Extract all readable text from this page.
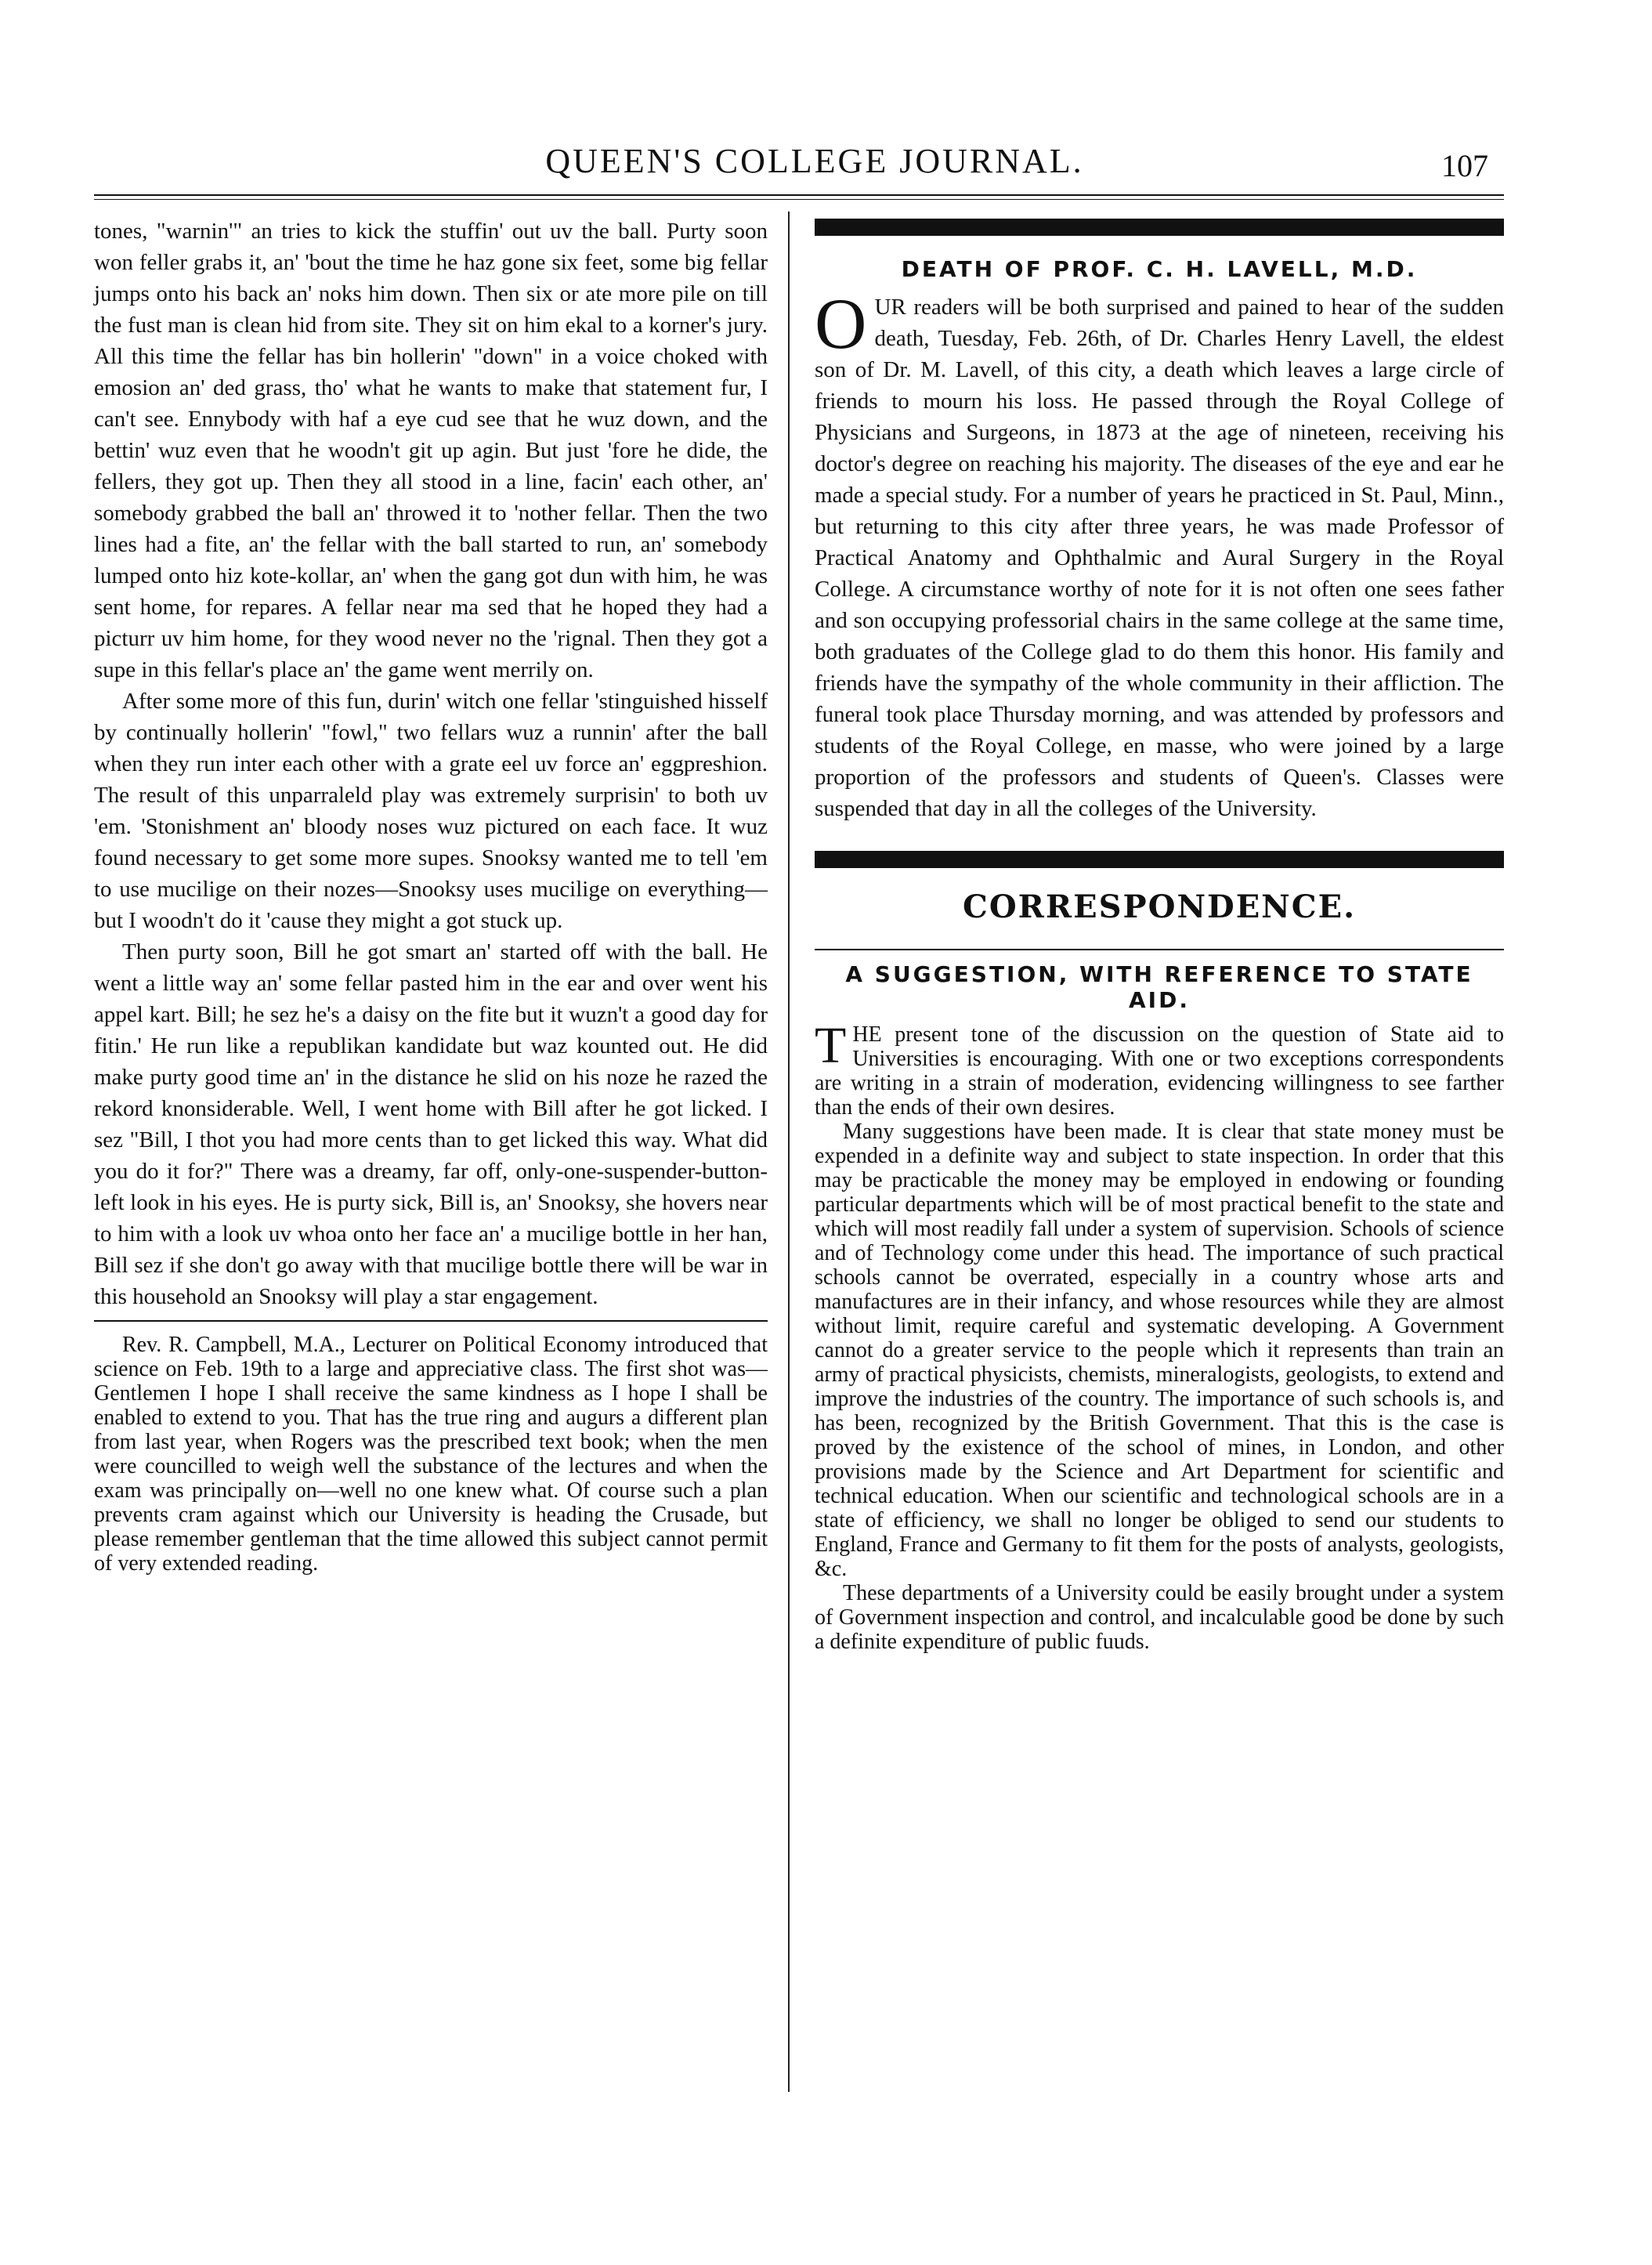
QUEEN'S COLLEGE JOURNAL.	107

tones, "warnin'" an tries to kick the stuffin' out uv the ball. Purty soon won feller grabs it, an' 'bout the time he haz gone six feet, some big fellar jumps onto his back an' noks him down. Then six or ate more pile on till the fust man is clean hid from site. They sit on him ekal to a korner's jury. All this time the fellar has bin hollerin' "down" in a voice choked with emosion an' ded grass, tho' what he wants to make that statement fur, I can't see. Ennybody with haf a eye cud see that he wuz down, and the bettin' wuz even that he woodn't git up agin. But just 'fore he dide, the fellers, they got up. Then they all stood in a line, facin' each other, an' somebody grabbed the ball an' throwed it to 'nother fellar. Then the two lines had a fite, an' the fellar with the ball started to run, an' somebody lumped onto hiz kote-kollar, an' when the gang got dun with him, he was sent home, for repares. A fellar near ma sed that he hoped they had a picturr uv him home, for they wood never no the 'rignal. Then they got a supe in this fellar's place an' the game went merrily on.

After some more of this fun, durin' witch one fellar 'stinguished hisself by continually hollerin' "fowl," two fellars wuz a runnin' after the ball when they run inter each other with a grate eel uv force an' eggpreshion. The result of this unparraleld play was extremely surprisin' to both uv 'em. 'Stonishment an' bloody noses wuz pictured on each face. It wuz found necessary to get some more supes. Snooksy wanted me to tell 'em to use mucilige on their nozes—Snooksy uses mucilige on everything—but I woodn't do it 'cause they might a got stuck up.

Then purty soon, Bill he got smart an' started off with the ball. He went a little way an' some fellar pasted him in the ear and over went his appel kart. Bill; he sez he's a daisy on the fite but it wuzn't a good day for fitin.' He run like a republikan kandidate but waz kounted out. He did make purty good time an' in the distance he slid on his noze he razed the rekord knonsiderable. Well, I went home with Bill after he got licked. I sez "Bill, I thot you had more cents than to get licked this way. What did you do it for?" There was a dreamy, far off, only-one-suspender-button-left look in his eyes. He is purty sick, Bill is, an' Snooksy, she hovers near to him with a look uv whoa onto her face an' a mucilige bottle in her han, Bill sez if she don't go away with that mucilige bottle there will be war in this household an Snooksy will play a star engagement.

Rev. R. Campbell, M.A., Lecturer on Political Economy introduced that science on Feb. 19th to a large and appreciative class. The first shot was—Gentlemen I hope I shall receive the same kindness as I hope I shall be enabled to extend to you. That has the true ring and augurs a different plan from last year, when Rogers was the prescribed text book; when the men were councilled to weigh well the substance of the lectures and when the exam was principally on—well no one knew what. Of course such a plan prevents cram against which our University is heading the Crusade, but please remember gentleman that the time allowed this subject cannot permit of very extended reading.

DEATH OF PROF. C. H. LAVELL, M.D.

OUR readers will be both surprised and pained to hear of the sudden death, Tuesday, Feb. 26th, of Dr. Charles Henry Lavell, the eldest son of Dr. M. Lavell, of this city, a death which leaves a large circle of friends to mourn his loss. He passed through the Royal College of Physicians and Surgeons, in 1873 at the age of nineteen, receiving his doctor's degree on reaching his majority. The diseases of the eye and ear he made a special study. For a number of years he practiced in St. Paul, Minn., but returning to this city after three years, he was made Professor of Practical Anatomy and Ophthalmic and Aural Surgery in the Royal College. A circumstance worthy of note for it is not often one sees father and son occupying professorial chairs in the same college at the same time, both graduates of the College glad to do them this honor. His family and friends have the sympathy of the whole community in their affliction. The funeral took place Thursday morning, and was attended by professors and students of the Royal College, en masse, who were joined by a large proportion of the professors and students of Queen's. Classes were suspended that day in all the colleges of the University.

CORRESPONDENCE.
A SUGGESTION, WITH REFERENCE TO STATE AID.

THE present tone of the discussion on the question of State aid to Universities is encouraging. With one or two exceptions correspondents are writing in a strain of moderation, evidencing willingness to see farther than the ends of their own desires.

Many suggestions have been made. It is clear that state money must be expended in a definite way and subject to state inspection. In order that this may be practicable the money may be employed in endowing or founding particular departments which will be of most practical benefit to the state and which will most readily fall under a system of supervision. Schools of science and of Technology come under this head. The importance of such practical schools cannot be overrated, especially in a country whose arts and manufactures are in their infancy, and whose resources while they are almost without limit, require careful and systematic developing. A Government cannot do a greater service to the people which it represents than train an army of practical physicists, chemists, mineralogists, geologists, to extend and improve the industries of the country. The importance of such schools is, and has been, recognized by the British Government. That this is the case is proved by the existence of the school of mines, in London, and other provisions made by the Science and Art Department for scientific and technical education. When our scientific and technological schools are in a state of efficiency, we shall no longer be obliged to send our students to England, France and Germany to fit them for the posts of analysts, geologists, &c.

These departments of a University could be easily brought under a system of Government inspection and control, and incalculable good be done by such a definite expenditure of public fuuds.
